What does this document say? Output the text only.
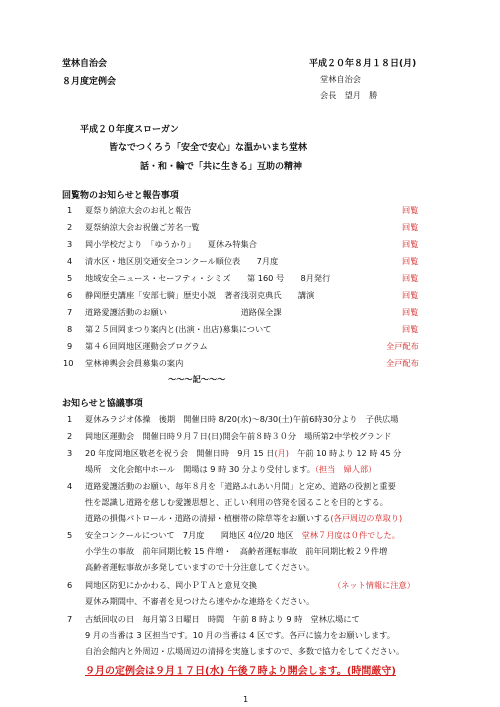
堂林自治会
８月度定例会
平成２０年８月１８日(月)
堂林自治会
会長　望月　勝
平成２０年度スローガン
皆なでつくろう「安全で安心」な温かいまち堂林
話・和・輪で「共に生きる」互助の精神
回覧物のお知らせと報告事項
1 夏祭り納涼大会のお礼と報告	回覧
2 夏祭納涼大会お祝儀ご芳名一覧	回覧
3 岡小学校だより　「ゆうかり」　　夏休み特集合	回覧
4 清水区・地区別交通安全コンクール順位表　　7月度	回覧
5 地域安全ニュース・セーフティ・シミズ　　第 160 号　　8月発行	回覧
6 静岡歴史講座「安部七騎」歴史小説　著者浅羽克典氏　　講演	回覧
7 道路愛護活動のお願い　　　　　　　　　道路保全課	回覧
8 第２５回岡まつり案内と(出演・出店)募集について	回覧
9 第４６回岡地区運動会プログラム	全戸配布
10 堂林神輿会会員募集の案内	全戸配布
～～～記～～～
お知らせと協議事項
1 夏休みラジオ体操　後期　開催日時 8/20(水)～8/30(土)午前6時30分より　子供広場
2 岡地区運動会　開催日時９月７日(日)開会午前８時３０分　場所第2中学校グランド
3 20 年度岡地区敬老を祝う会　開催日時　9月 15 日(月)　午前 10 時より 12 時 45 分
場所　文化会館中ホール　開場は 9 時 30 分より受付します。（担当　婦人部）
4 道路愛護活動のお願い、毎年８月を「道路ふれあい月間」と定め、道路の役割と重要
性を認識し道路を慈しむ愛護思想と、正しい利用の啓発を図ることを目的とする。
道路の損傷パトロール・道路の清掃・植樹帯の除草等をお願いする(各戸周辺の草取り)
5 安全コンクールについて　7月度　　岡地区 4位/20 地区　 堂林７月度は０件でした。
小学生の事故　前年同期比較 15 件増・　高齢者運転事故　前年同期比較２９件増
高齢者運転事故が多発していますので十分注意してください。
6 岡地区防犯にかかわる、岡小ＰＴＡと意見交換	（ネット情報に注意）
夏休み期間中、不審者を見つけたら速やかな連絡をください。
7 古紙回収の日　毎月第３日曜日　時間　午前 8 時より 9 時　堂林広場にて
9 月の当番は 3 区担当です。10 月の当番は 4 区です。各戸に協力をお願いします。
自治会館内と外周辺・広場周辺の清掃を実施しますので、多数で協力をしてください。
９月の定例会は９月１７日(水) 午後７時より開会します。(時間厳守)
1
